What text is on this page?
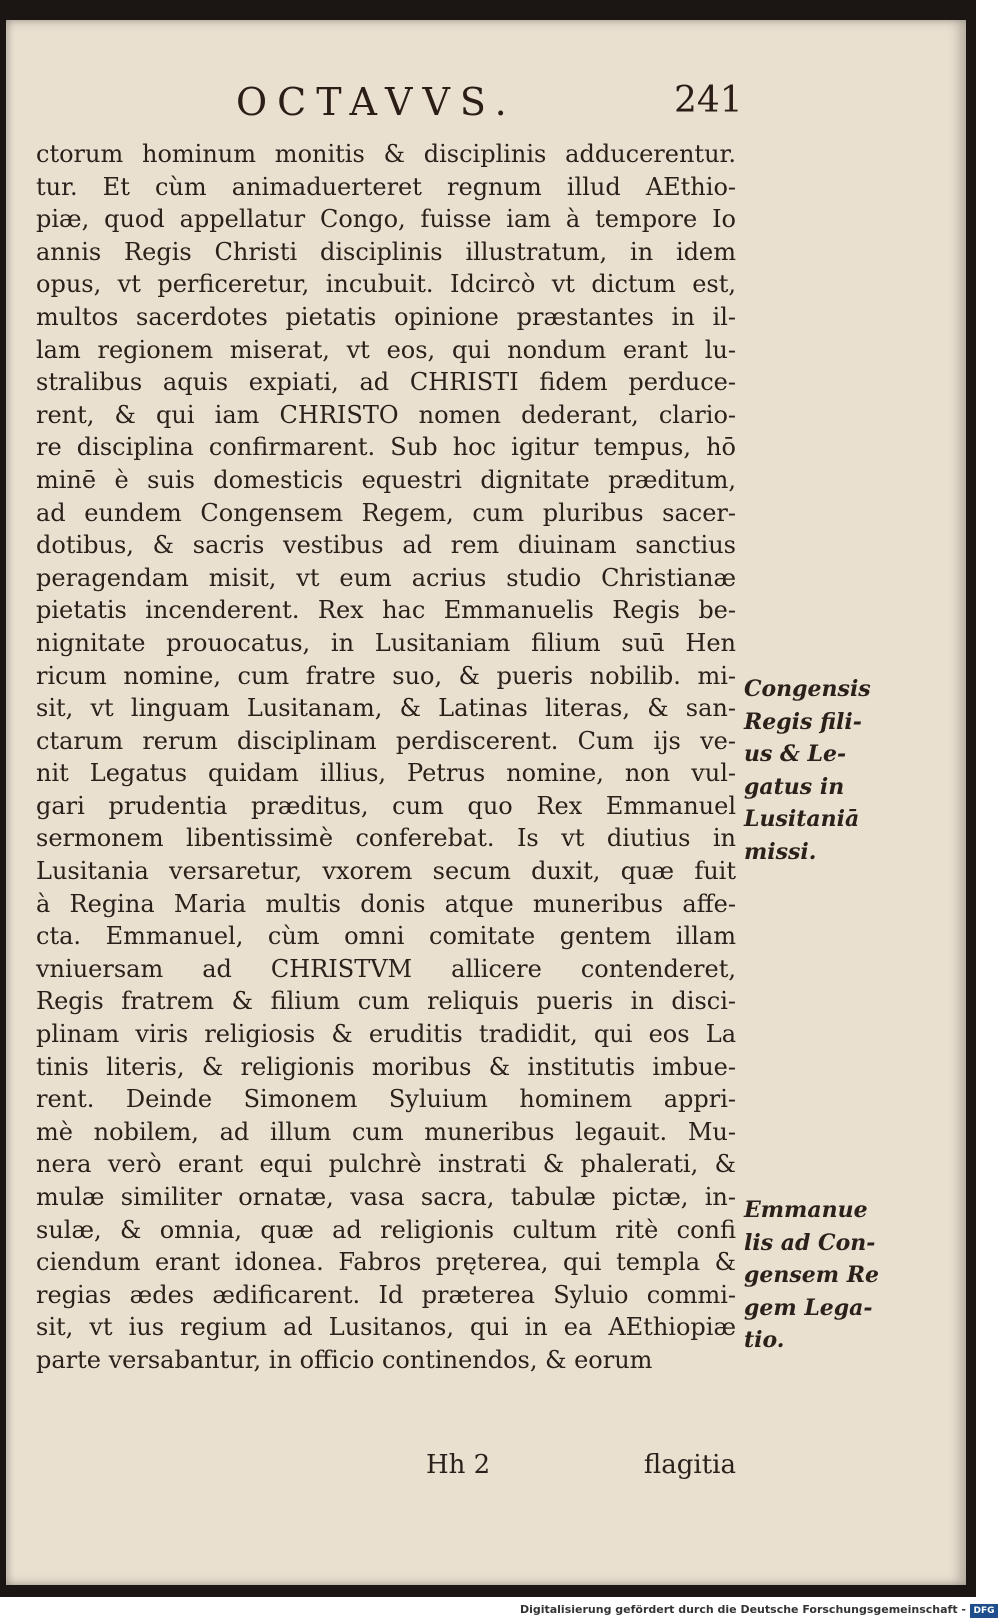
OCTAVVS.	241
ctorum hominum monitis & disciplinis adducerentur.
tur. Et cùm animaduerteret regnum illud AEthio-
piæ, quod appellatur Congo, fuisse iam à tempore Io
annis Regis Christi disciplinis illustratum, in idem
opus, vt perficeretur, incubuit. Idcircò vt dictum est,
multos sacerdotes pietatis opinione præstantes in il-
lam regionem miserat, vt eos, qui nondum erant lu-
stralibus aquis expiati, ad CHRISTI fidem perduce-
rent, & qui iam CHRISTO nomen dederant, clario-
re disciplina confirmarent. Sub hoc igitur tempus, hō
minē è suis domesticis equestri dignitate præditum,
ad eundem Congensem Regem, cum pluribus sacer-
dotibus, & sacris vestibus ad rem diuinam sanctius
peragendam misit, vt eum acrius studio Christianæ
pietatis incenderent. Rex hac Emmanuelis Regis be-
nignitate prouocatus, in Lusitaniam filium suū Hen
ricum nomine, cum fratre suo, & pueris nobilib. mi-
sit, vt linguam Lusitanam, & Latinas literas, & san-
ctarum rerum disciplinam perdiscerent. Cum ijs ve-
nit Legatus quidam illius, Petrus nomine, non vul-
gari prudentia præditus, cum quo Rex Emmanuel
sermonem libentissimè conferebat. Is vt diutius in
Lusitania versaretur, vxorem secum duxit, quæ fuit
à Regina Maria multis donis atque muneribus affe-
cta. Emmanuel, cùm omni comitate gentem illam
vniuersam ad CHRISTVM allicere contenderet,
Regis fratrem & filium cum reliquis pueris in disci-
plinam viris religiosis & eruditis tradidit, qui eos La
tinis literis, & religionis moribus & institutis imbue-
rent. Deinde Simonem Syluium hominem appri-
mè nobilem, ad illum cum muneribus legauit. Mu-
nera verò erant equi pulchrè instrati & phalerati, &
mulæ similiter ornatæ, vasa sacra, tabulæ pictæ, in-
sulæ, & omnia, quæ ad religionis cultum ritè confi
ciendum erant idonea. Fabros pręterea, qui templa &
regias ædes ædificarent. Id præterea Syluio commi-
sit, vt ius regium ad Lusitanos, qui in ea AEthiopiæ
parte versabantur, in officio continendos, & eorum
Congensis
Regis fili-
us & Le-
gatus in
Lusitaniā
missi.
Emmanue
lis ad Con-
gensem Re
gem Lega-
tio.
Hh 2	flagitia
Digitalisierung gefördert durch die Deutsche Forschungsgemeinschaft - DFG
